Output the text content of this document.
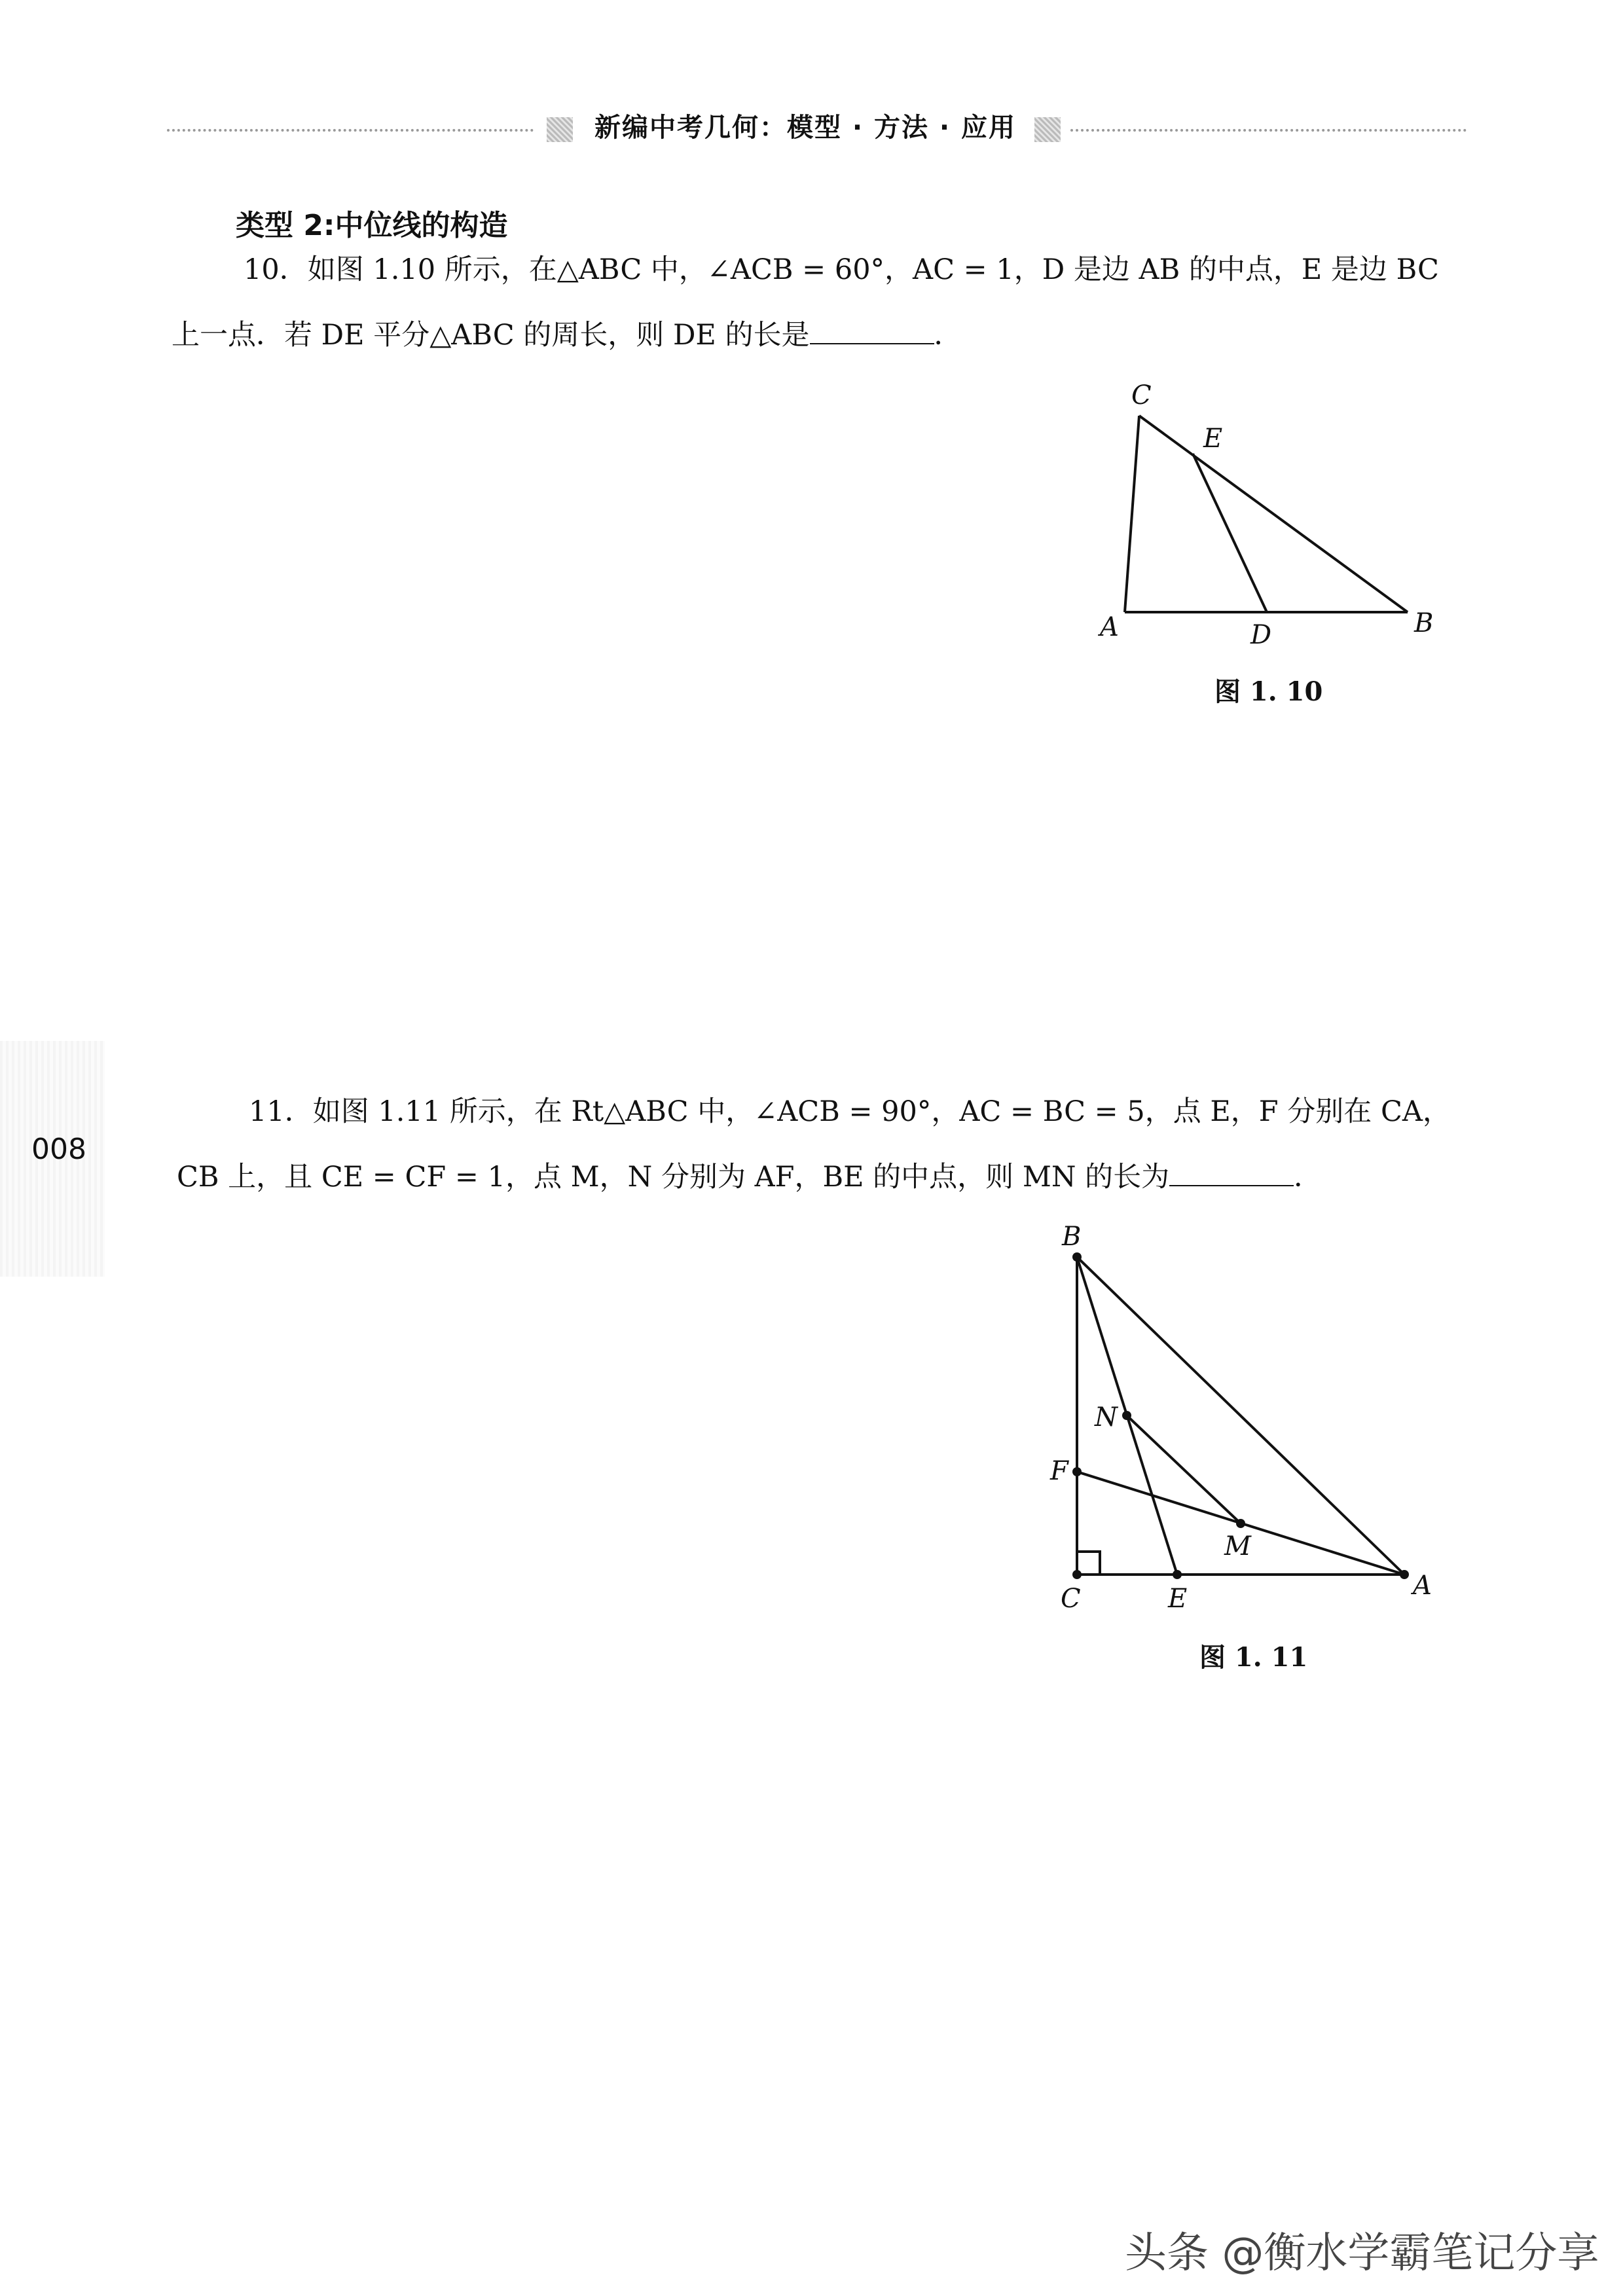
新编中考几何：模型 · 方法 · 应用
类型 2:中位线的构造
10．如图 1.10 所示，在△ABC 中，∠ACB = 60°，AC = 1，D 是边 AB 的中点，E 是边 BC
上一点．若 DE 平分△ABC 的周长，则 DE 的长是	．
C
E
A	D	B
图 1. 10
008
11．如图 1.11 所示，在 Rt△ABC 中，∠ACB = 90°，AC = BC = 5，点 E，F 分别在 CA，
CB 上，且 CE = CF = 1，点 M，N 分别为 AF，BE 的中点，则 MN 的长为	．
B
N
F
M
C	E	A
图 1. 11
头条 @衡水学霸笔记分享
